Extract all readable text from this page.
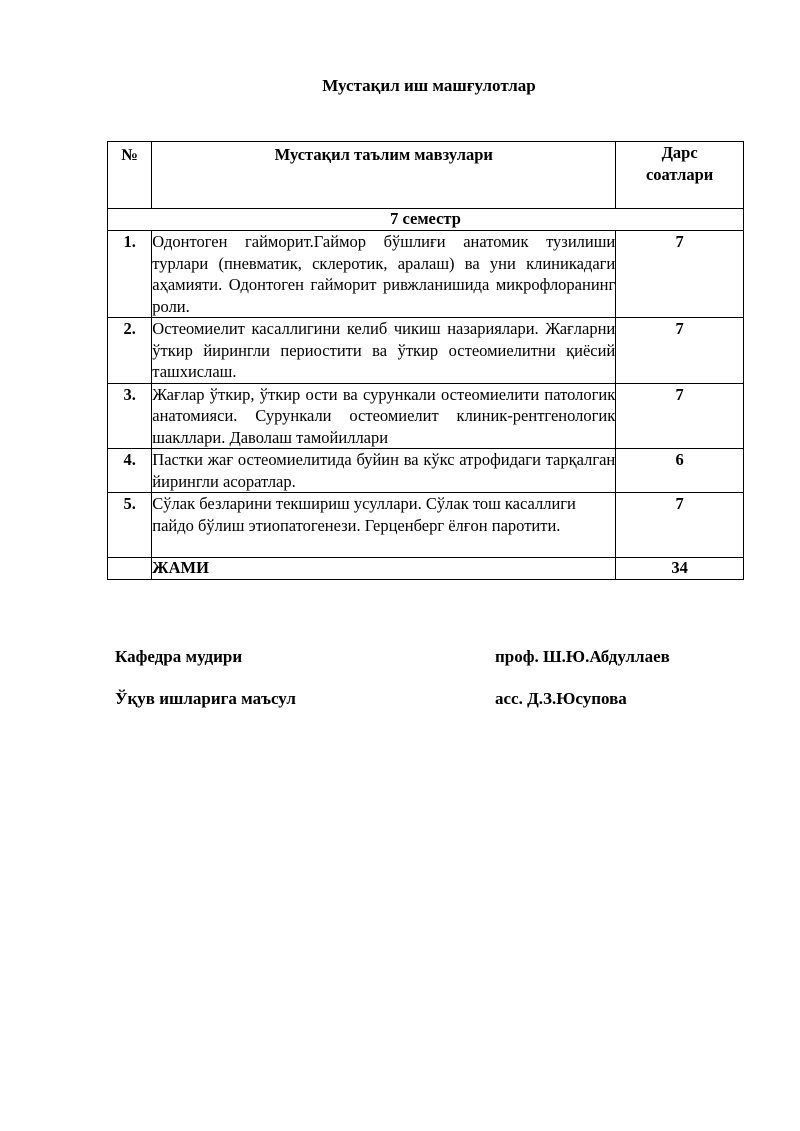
Мустақил иш машғулотлар
№	Мустақил таълим мавзулари	Дарс соатлари
7 семестр		
1.	Одонтоген гайморит.Гаймор бўшлиғи анатомик тузилиши турлари (пневматик, склеротик, аралаш) ва уни клиникадаги аҳамияти. Одонтоген гайморит ривжланишида микрофлоранинг роли.	7
2.	Остеомиелит касаллигини келиб чикиш назариялари. Жағларни ўткир йирингли периостити ва ўткир остеомиелитни қиёсий ташхислаш.	7
3.	Жағлар ўткир, ўткир ости ва сурункали остеомиелити патологик анатомияси. Сурункали остеомиелит клиник-рентгенологик шакллари. Даволаш тамойиллари	7
4.	Пастки жағ остеомиелитида буйин ва кўкс атрофидаги тарқалган йирингли асоратлар.	6
5.	Сўлак безларини текшириш усуллари. Сўлак тош касаллиги пайдо бўлиш этиопатогенези. Герценберг ёлғон паротити.	7
	ЖАМИ	34
Кафедра мудири	проф. Ш.Ю.Абдуллаев
Ўқув ишларига маъсул	асс. Д.З.Юсупова
